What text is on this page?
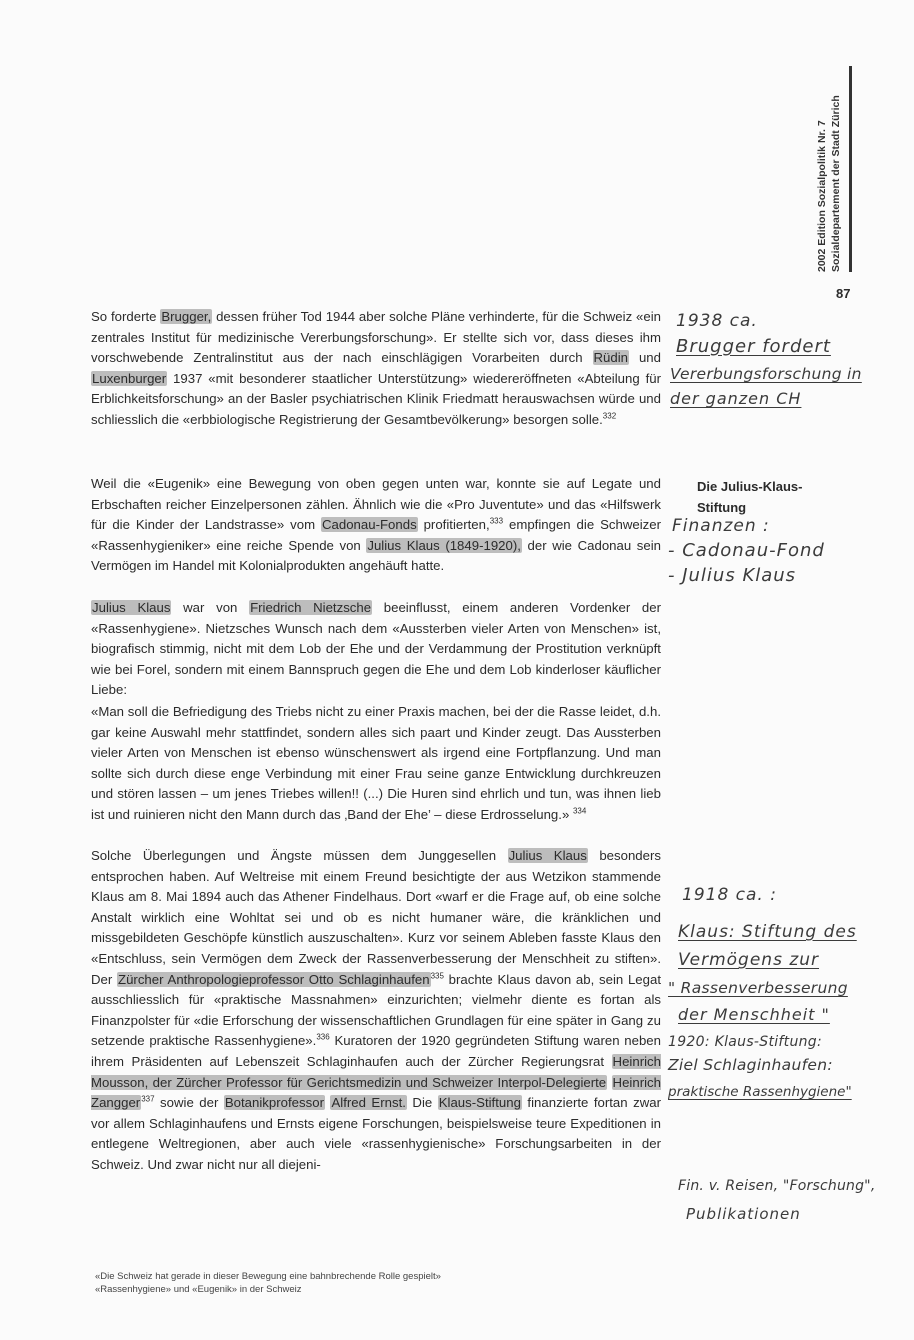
2002 Edition Sozialpolitik Nr. 7 Sozialdepartement der Stadt Zürich
87

So forderte Brugger, dessen früher Tod 1944 aber solche Pläne verhinderte, für die Schweiz «ein zentrales Institut für medizinische Vererbungsforschung». Er stellte sich vor, dass dieses ihm vorschwebende Zentralinstitut aus der nach einschlägigen Vorarbeiten durch Rüdin und Luxenburger 1937 «mit besonderer staatlicher Unterstützung» wiedereröffneten «Abteilung für Erblichkeitsforschung» an der Basler psychiatrischen Klinik Friedmatt herauswachsen würde und schliesslich die «erbbiologische Registrierung der Gesamtbevölkerung» besorgen solle.$^{332}$

Weil die «Eugenik» eine Bewegung von oben gegen unten war, konnte sie auf Legate und Erbschaften reicher Einzelpersonen zählen. Ähnlich wie die «Pro Juventute» und das «Hilfswerk für die Kinder der Landstrasse» vom Cadonau-Fonds profitierten,$^{333}$ empfingen die Schweizer «Rassenhygieniker» eine reiche Spende von Julius Klaus (1849-1920), der wie Cadonau sein Vermögen im Handel mit Kolonialprodukten angehäuft hatte.

Julius Klaus war von Friedrich Nietzsche beeinflusst, einem anderen Vordenker der «Rassenhygiene». Nietzsches Wunsch nach dem «Aussterben vieler Arten von Menschen» ist, biografisch stimmig, nicht mit dem Lob der Ehe und der Verdammung der Prostitution verknüpft wie bei Forel, sondern mit einem Bannspruch gegen die Ehe und dem Lob kinderloser käuflicher Liebe:

«Man soll die Befriedigung des Triebs nicht zu einer Praxis machen, bei der die Rasse leidet, d.h. gar keine Auswahl mehr stattfindet, sondern alles sich paart und Kinder zeugt. Das Aussterben vieler Arten von Menschen ist ebenso wünschenswert als irgend eine Fortpflanzung. Und man sollte sich durch diese enge Verbindung mit einer Frau seine ganze Entwicklung durchkreuzen und stören lassen – um jenes Triebes willen!! (...) Die Huren sind ehrlich und tun, was ihnen lieb ist und ruinieren nicht den Mann durch das ‚Band der Ehe’ – diese Erdrosselung.» $^{334}$

Solche Überlegungen und Ängste müssen dem Junggesellen Julius Klaus besonders entsprochen haben. Auf Weltreise mit einem Freund besichtigte der aus Wetzikon stammende Klaus am 8. Mai 1894 auch das Athener Findelhaus. Dort «warf er die Frage auf, ob eine solche Anstalt wirklich eine Wohltat sei und ob es nicht humaner wäre, die kränklichen und missgebildeten Geschöpfe künstlich auszuschalten». Kurz vor seinem Ableben fasste Klaus den «Entschluss, sein Vermögen dem Zweck der Rassenverbesserung der Menschheit zu stiften». Der Zürcher Anthropologieprofessor Otto Schlaginhaufen$^{335}$ brachte Klaus davon ab, sein Legat ausschliesslich für «praktische Massnahmen» einzurichten; vielmehr diente es fortan als Finanzpolster für «die Erforschung der wissenschaftlichen Grundlagen für eine später in Gang zu setzende praktische Rassenhygiene».$^{336}$ Kuratoren der 1920 gegründeten Stiftung waren neben ihrem Präsidenten auf Lebenszeit Schlaginhaufen auch der Zürcher Regierungsrat Heinrich Mousson, der Zürcher Professor für Gerichtsmedizin und Schweizer Interpol-Delegierte Heinrich Zangger$^{337}$ sowie der Botanikprofessor Alfred Ernst. Die Klaus-Stiftung finanzierte fortan zwar vor allem Schlaginhaufens und Ernsts eigene Forschungen, beispielsweise teure Expeditionen in entlegene Weltregionen, aber auch viele «rassenhygienische» Forschungsarbeiten in der Schweiz. Und zwar nicht nur all diejeni-

Die Julius-Klaus-Stiftung
1938 ca.
Brugger fordert
Vererbungsforschung in
der ganzen CH
Finanzen :
- Cadonau-Fond
- Julius Klaus
1918 ca. :
Klaus: Stiftung des
Vermögens zur
" Rassenverbesserung
der Menschheit "
1920: Klaus-Stiftung:
Ziel Schlaginhaufen:
praktische Rassenhygiene"
Fin. v. Reisen, "Forschung",
Publikationen
«Die Schweiz hat gerade in dieser Bewegung eine bahnbrechende Rolle gespielt»
«Rassenhygiene» und «Eugenik» in der Schweiz
